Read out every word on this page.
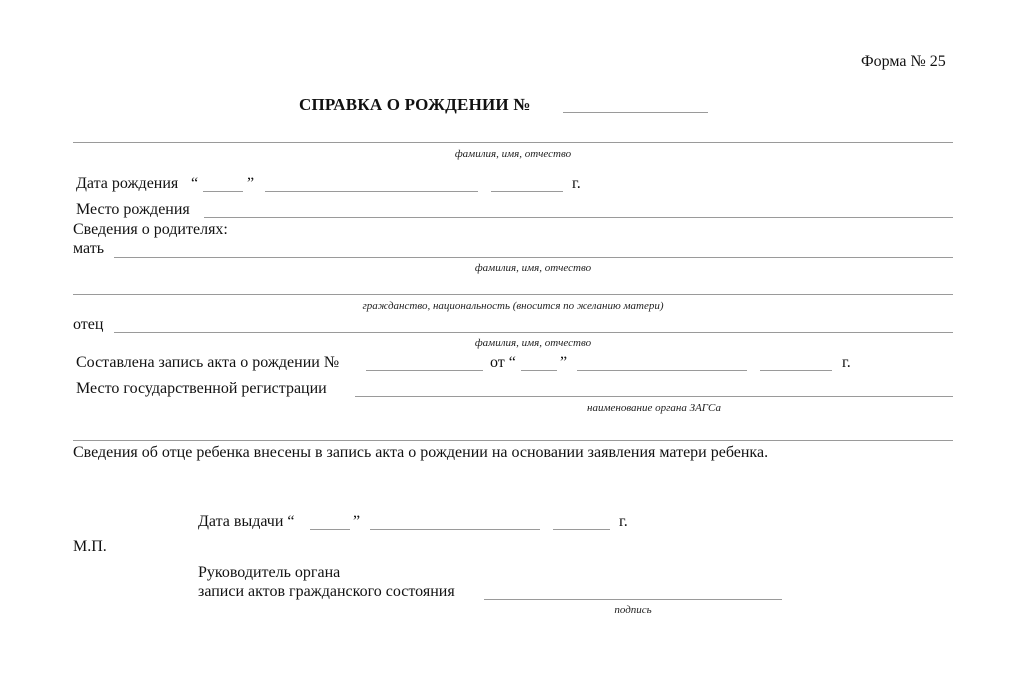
Форма № 25
СПРАВКА О РОЖДЕНИИ №
фамилия, имя, отчество
Дата рождения “	”	г.
Место рождения
Сведения о родителях:
мать
фамилия, имя, отчество
гражданство, национальность (вносится по желанию матери)
отец
фамилия, имя, отчество
Составлена запись акта о рождении №	от “	”	г.
Место государственной регистрации
наименование органа ЗАГСа
Сведения об отце ребенка внесены в запись акта о рождении на основании заявления матери ребенка.
Дата выдачи “	”	г.
М.П.
Руководитель органа
записи актов гражданского состояния
подпись
